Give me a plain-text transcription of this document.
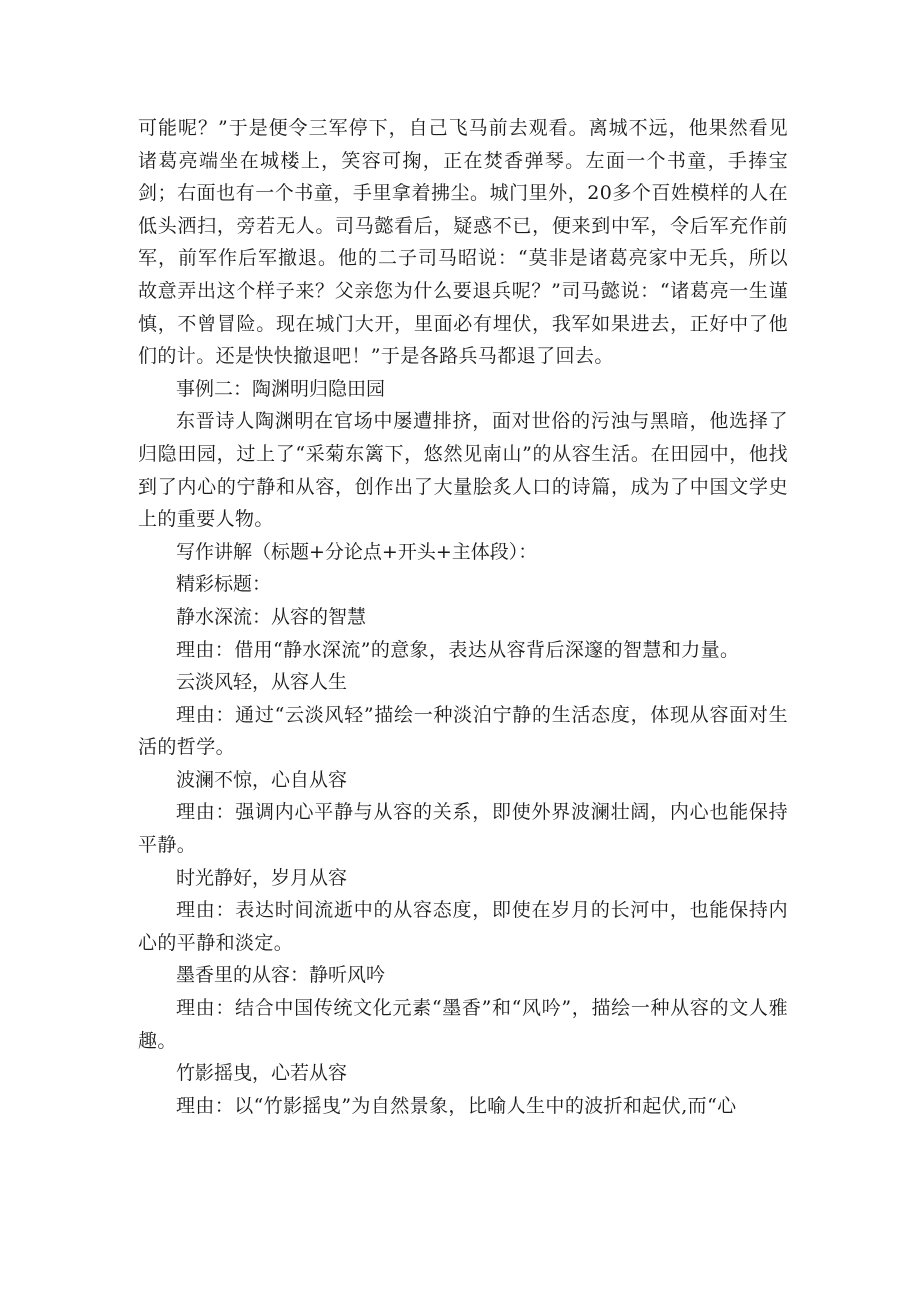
可能呢？”于是便令三军停下，自己飞马前去观看。离城不远，他果然看见诸葛亮端坐在城楼上，笑容可掬，正在焚香弹琴。左面一个书童，手捧宝剑；右面也有一个书童，手里拿着拂尘。城门里外，20多个百姓模样的人在低头洒扫，旁若无人。司马懿看后，疑惑不已，便来到中军，令后军充作前军，前军作后军撤退。他的二子司马昭说：“莫非是诸葛亮家中无兵，所以故意弄出这个样子来？父亲您为什么要退兵呢？”司马懿说：“诸葛亮一生谨慎，不曾冒险。现在城门大开，里面必有埋伏，我军如果进去，正好中了他们的计。还是快快撤退吧！”于是各路兵马都退了回去。

事例二：陶渊明归隐田园

东晋诗人陶渊明在官场中屡遭排挤，面对世俗的污浊与黑暗，他选择了归隐田园，过上了“采菊东篱下，悠然见南山”的从容生活。在田园中，他找到了内心的宁静和从容，创作出了大量脍炙人口的诗篇，成为了中国文学史上的重要人物。

写作讲解（标题+分论点+开头+主体段）：

精彩标题：

静水深流：从容的智慧

理由：借用“静水深流”的意象，表达从容背后深邃的智慧和力量。

云淡风轻，从容人生

理由：通过“云淡风轻”描绘一种淡泊宁静的生活态度，体现从容面对生活的哲学。

波澜不惊，心自从容

理由：强调内心平静与从容的关系，即使外界波澜壮阔，内心也能保持平静。

时光静好，岁月从容

理由：表达时间流逝中的从容态度，即使在岁月的长河中，也能保持内心的平静和淡定。

墨香里的从容：静听风吟

理由：结合中国传统文化元素“墨香”和“风吟”，描绘一种从容的文人雅趣。

竹影摇曳，心若从容

理由：以“竹影摇曳”为自然景象，比喻人生中的波折和起伏,而“心
